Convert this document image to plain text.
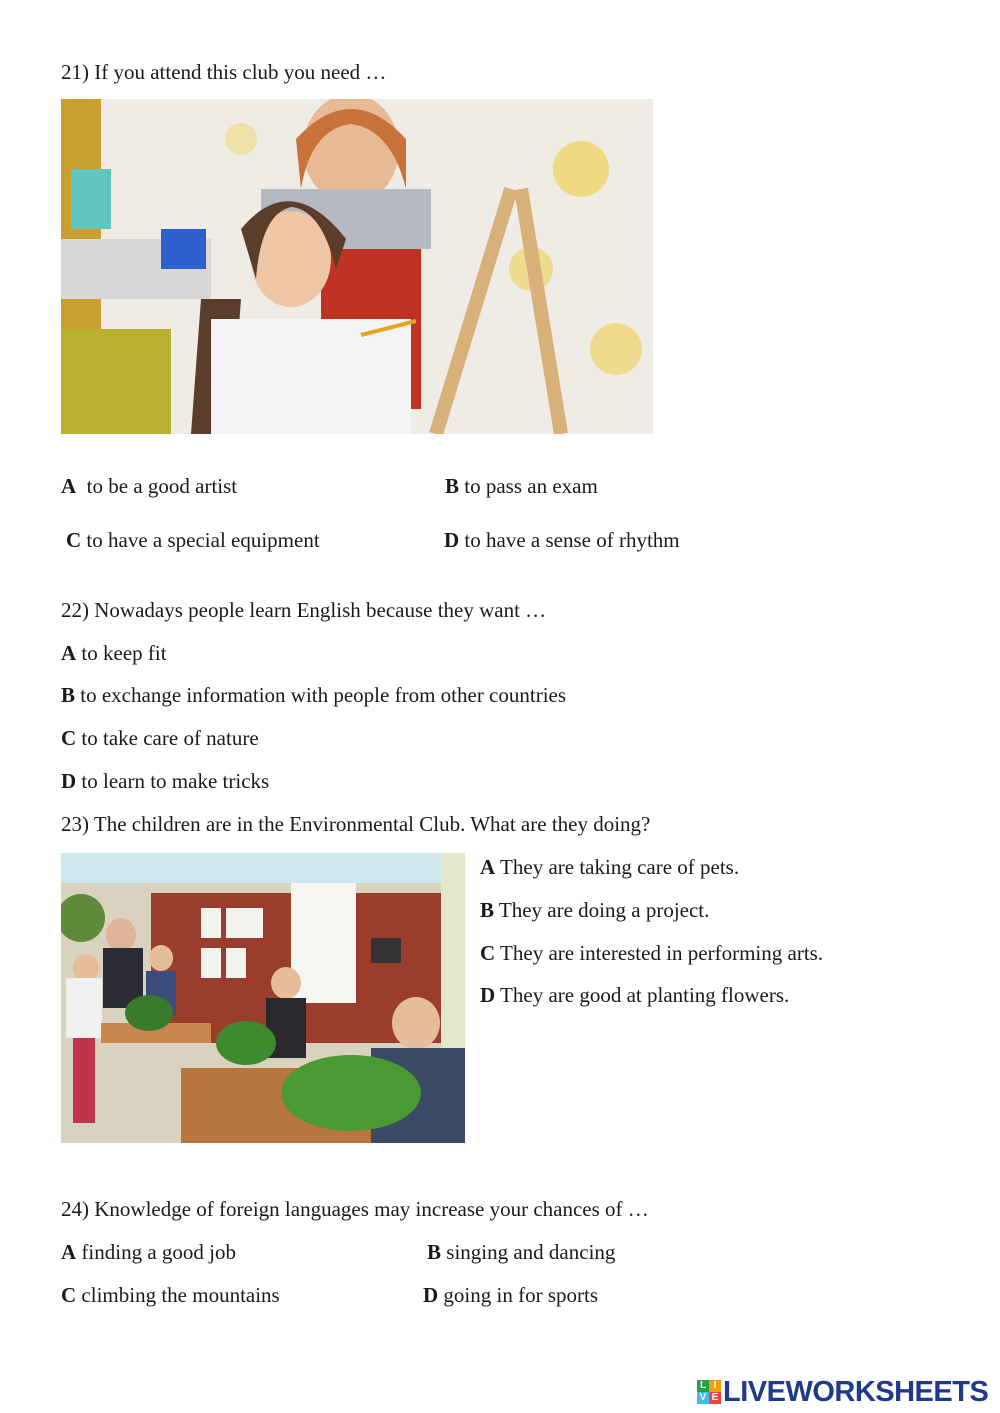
21) If you attend this club you need …
A to be a good artist	B to pass an exam
C to have a special equipment	D to have a sense of rhythm
22) Nowadays people learn English because they want …
A to keep fit
B to exchange information with people from other countries
C to take care of nature
D to learn to make tricks
23) The children are in the Environmental Club. What are they doing?
A They are taking care of pets.
B They are doing a project.
C They are interested in performing arts.
D They are good at planting flowers.
24) Knowledge of foreign languages may increase your chances of …
A finding a good job	B singing and dancing
C climbing the mountains	D going in for sports
L I
V E LIVEWORKSHEETS
